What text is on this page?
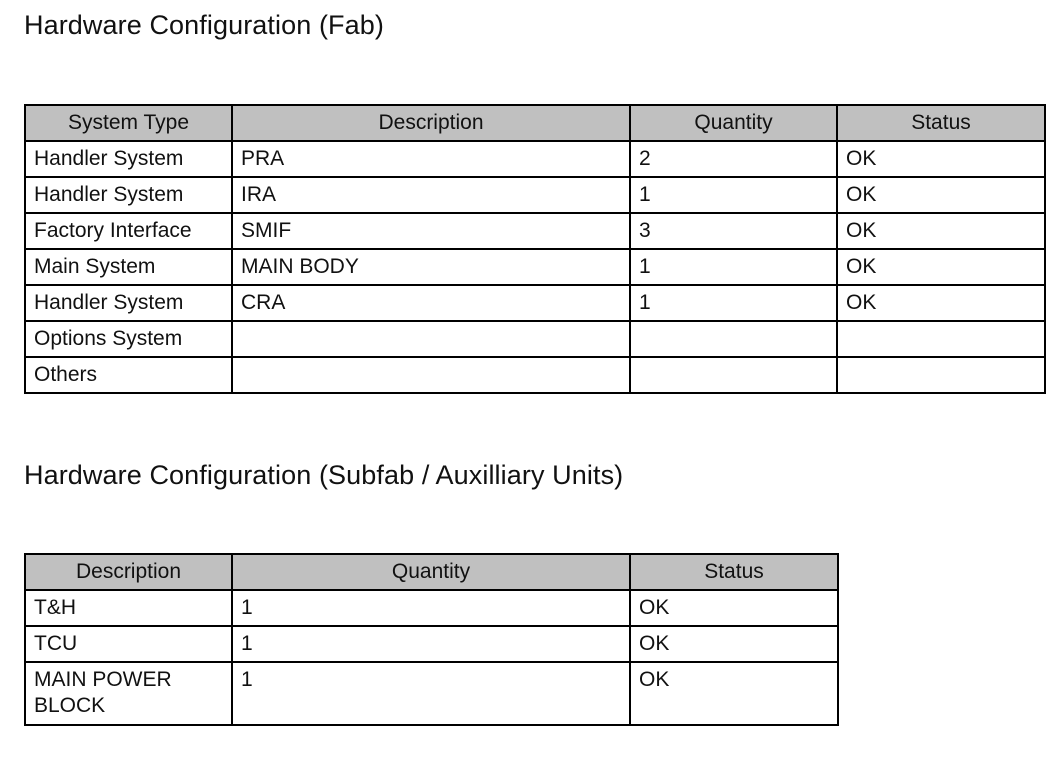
Hardware Configuration (Fab)
System Type	Description	Quantity	Status
Handler System	PRA	2	OK
Handler System	IRA	1	OK
Factory Interface	SMIF	3	OK
Main System	MAIN BODY	1	OK
Handler System	CRA	1	OK
Options System			
Others			
Hardware Configuration (Subfab / Auxilliary Units)
Description	Quantity	Status
T&H	1	OK
TCU	1	OK
MAIN POWER BLOCK	1	OK
